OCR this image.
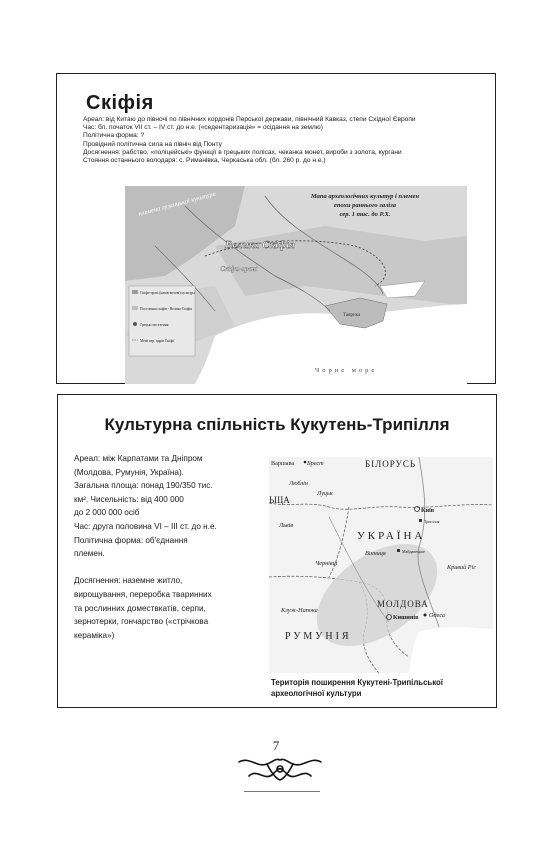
Скіфія
Ареал: від Китаю до півночі по північних кордонів Перської держави, північний Кавказ, степи Східної Європи
Час: бл. початок VII ст. – IV ст. до н.е. («седентаризація» = осідання на землю)
Політична форма: ?
Провідний політична сила на північ від Понту
Досягнення: рабство, «поліцейські» функції в грецьких полісах, чеканка монет, вироби з золота, кургани
Стояння останнього володаря: с. Риманівка, Черкаська обл. (бл. 260 р. до н.е.)
Мапа археологічних культур і племен
епохи раннього заліза
сер. 1 тис. до Р.Х.
Велика Скіфія
племена лужицької культури
Скіфи-орачі
Чорне море
Таврика
Скіфи-орачі (напів-кочові) культура
Поселення скіфів - Велика Скіфія
Грецькі поселення
Межі кер. царів Скіфії
Культурна спільність Кукутень-Трипілля

Ареал: між Карпатами та Дніпром

(Молдова, Румунія, Україна).

Загальна площа: понад 190/350 тис.

км². Чисельність: від 400 000

до 2 000 000 осіб

Час: друга половина VI – III ст. до н.е.

Політична форма: об'єднання

племен.

Досягнення: наземне житло,

вирощування, переробка тваринних

та рослинних домествкатів, серпи,

зернотерки, гончарство («стрічкова

кераміка»)

Варшава Брест	БІЛОРУСЬ
Люблін
ЬЩА
Луцьк
Київ
Трипілля
УКРАЇНА
Львів
Вінниця	Майданецьке
Чернівці
Кривий Ріг
МОЛДОВА
Клуж-Напока
Кишинів Одеса
РУМУНІЯ
Територія поширення Кукутені-Трипільської
археологічної культури
7
